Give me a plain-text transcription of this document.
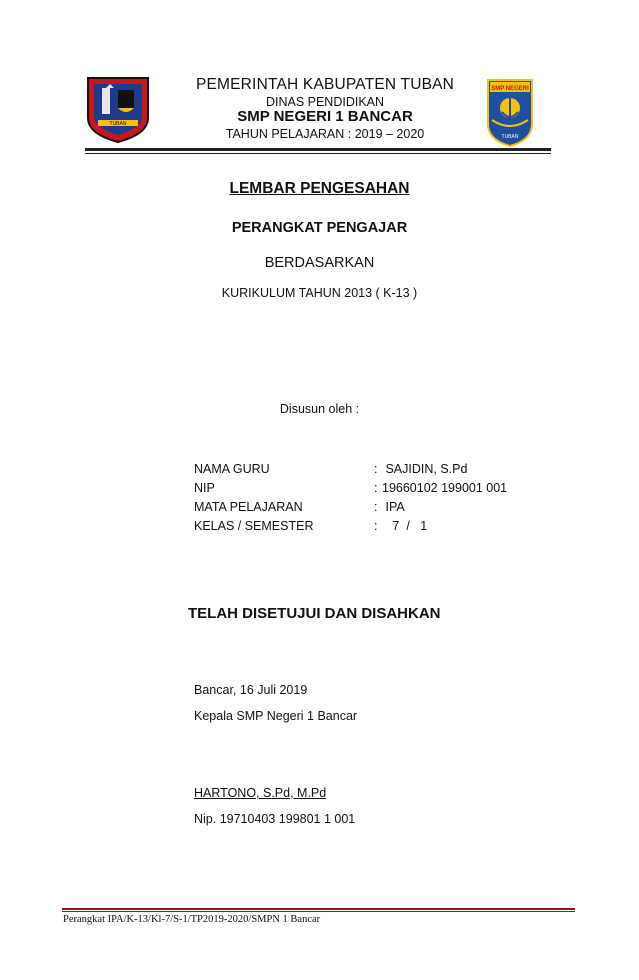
TUBAN
SMP NEGERI
TUBAN
PEMERINTAH KABUPATEN TUBAN
DINAS PENDIDIKAN
SMP NEGERI 1 BANCAR
TAHUN PELAJARAN : 2019 – 2020
LEMBAR PENGESAHAN
PERANGKAT PENGAJAR
BERDASARKAN
KURIKULUM TAHUN 2013 ( K-13 )
Disusun oleh :
NAMA GURU	: SAJIDIN, S.Pd
NIP	: 19660102 199001 001
MATA PELAJARAN	: IPA
KELAS / SEMESTER	:   7  /   1
TELAH DISETUJUI DAN DISAHKAN
Bancar, 16 Juli 2019
Kepala SMP Negeri 1 Bancar
HARTONO, S.Pd, M.Pd
Nip. 19710403 199801 1 001
Perangkat IPA/K-13/Kl-7/S-1/TP2019-2020/SMPN 1 Bancar
